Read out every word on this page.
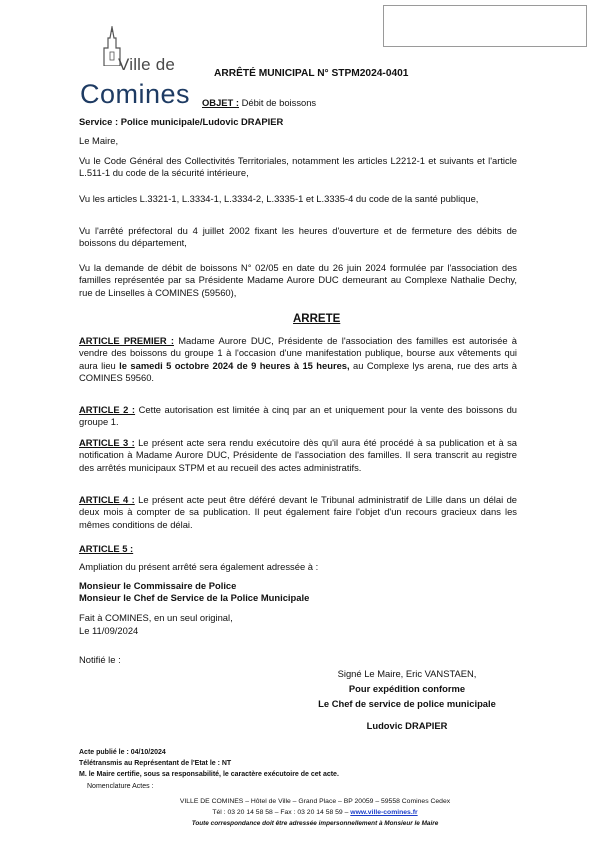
Ville de
Comines
ARRÊTÉ MUNICIPAL N° STPM2024-0401
OBJET : Débit de boissons
Service : Police municipale/Ludovic DRAPIER
Le Maire,
Vu le Code Général des Collectivités Territoriales, notamment les articles L2212-1 et suivants et l'article L.511-1 du code de la sécurité intérieure,
Vu les articles L.3321-1, L.3334-1, L.3334-2, L.3335-1 et L.3335-4 du code de la santé publique,
Vu l'arrêté préfectoral du 4 juillet 2002 fixant les heures d'ouverture et de fermeture des débits de boissons du département,
Vu la demande de débit de boissons N° 02/05 en date du 26 juin 2024 formulée par l'association des familles représentée par sa Présidente Madame Aurore DUC demeurant au Complexe Nathalie Dechy, rue de Linselles à COMINES (59560),
ARRETE
ARTICLE PREMIER : Madame Aurore DUC, Présidente de l'association des familles est autorisée à vendre des boissons du groupe 1 à l'occasion d'une manifestation publique, bourse aux vêtements qui aura lieu le samedi 5 octobre 2024 de 9 heures à 15 heures, au Complexe lys arena, rue des arts à COMINES 59560.
ARTICLE 2 : Cette autorisation est limitée à cinq par an et uniquement pour la vente des boissons du groupe 1.
ARTICLE 3 : Le présent acte sera rendu exécutoire dès qu'il aura été procédé à sa publication et à sa notification à Madame Aurore DUC, Présidente de l'association des familles. Il sera transcrit au registre des arrêtés municipaux STPM et au recueil des actes administratifs.
ARTICLE 4 : Le présent acte peut être déféré devant le Tribunal administratif de Lille dans un délai de deux mois à compter de sa publication. Il peut également faire l'objet d'un recours gracieux dans les mêmes conditions de délai.
ARTICLE 5 :
Ampliation du présent arrêté sera également adressée à :
Monsieur le Commissaire de Police
Monsieur le Chef de Service de la Police Municipale
Fait à COMINES, en un seul original,
Le 11/09/2024
Notifié le :
Signé Le Maire, Eric VANSTAEN,
Pour expédition conforme
Le Chef de service de police municipale
Ludovic DRAPIER
Acte publié le : 04/10/2024
Télétransmis au Représentant de l'Etat le : NT
M. le Maire certifie, sous sa responsabilité, le caractère exécutoire de cet acte.
Nomenclature Actes :
VILLE DE COMINES – Hôtel de Ville – Grand Place – BP 20059 – 59558 Comines Cedex
Tél : 03 20 14 58 58 – Fax : 03 20 14 58 59 – www.ville-comines.fr
Toute correspondance doit être adressée impersonnellement à Monsieur le Maire
